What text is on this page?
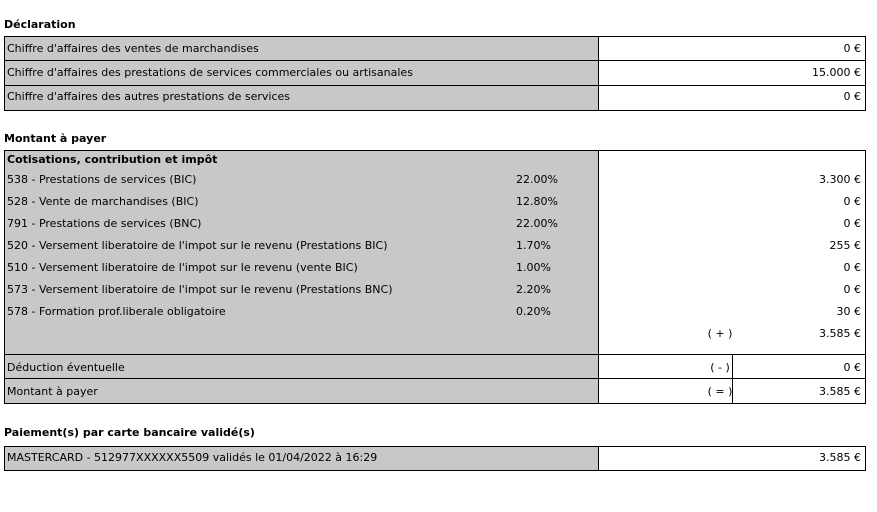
Déclaration
Chiffre d'affaires des ventes de marchandises	0 €
Chiffre d'affaires des prestations de services commerciales ou artisanales	15.000 €
Chiffre d'affaires des autres prestations de services	0 €
Montant à payer
Cotisations, contribution et impôt
538 - Prestations de services (BIC)	22.00%	3.300 €
528 - Vente de marchandises (BIC)	12.80%	0 €
791 - Prestations de services (BNC)	22.00%	0 €
520 - Versement liberatoire de l'impot sur le revenu (Prestations BIC)	1.70%	255 €
510 - Versement liberatoire de l'impot sur le revenu (vente BIC)	1.00%	0 €
573 - Versement liberatoire de l'impot sur le revenu (Prestations BNC)	2.20%	0 €
578 - Formation prof.liberale obligatoire	0.20%	30 €
( + )	3.585 €
Déduction éventuelle	( - )	0 €
Montant à payer	( = )	3.585 €
Paiement(s) par carte bancaire validé(s)
MASTERCARD - 512977XXXXXX5509 validés le 01/04/2022 à 16:29	3.585 €
